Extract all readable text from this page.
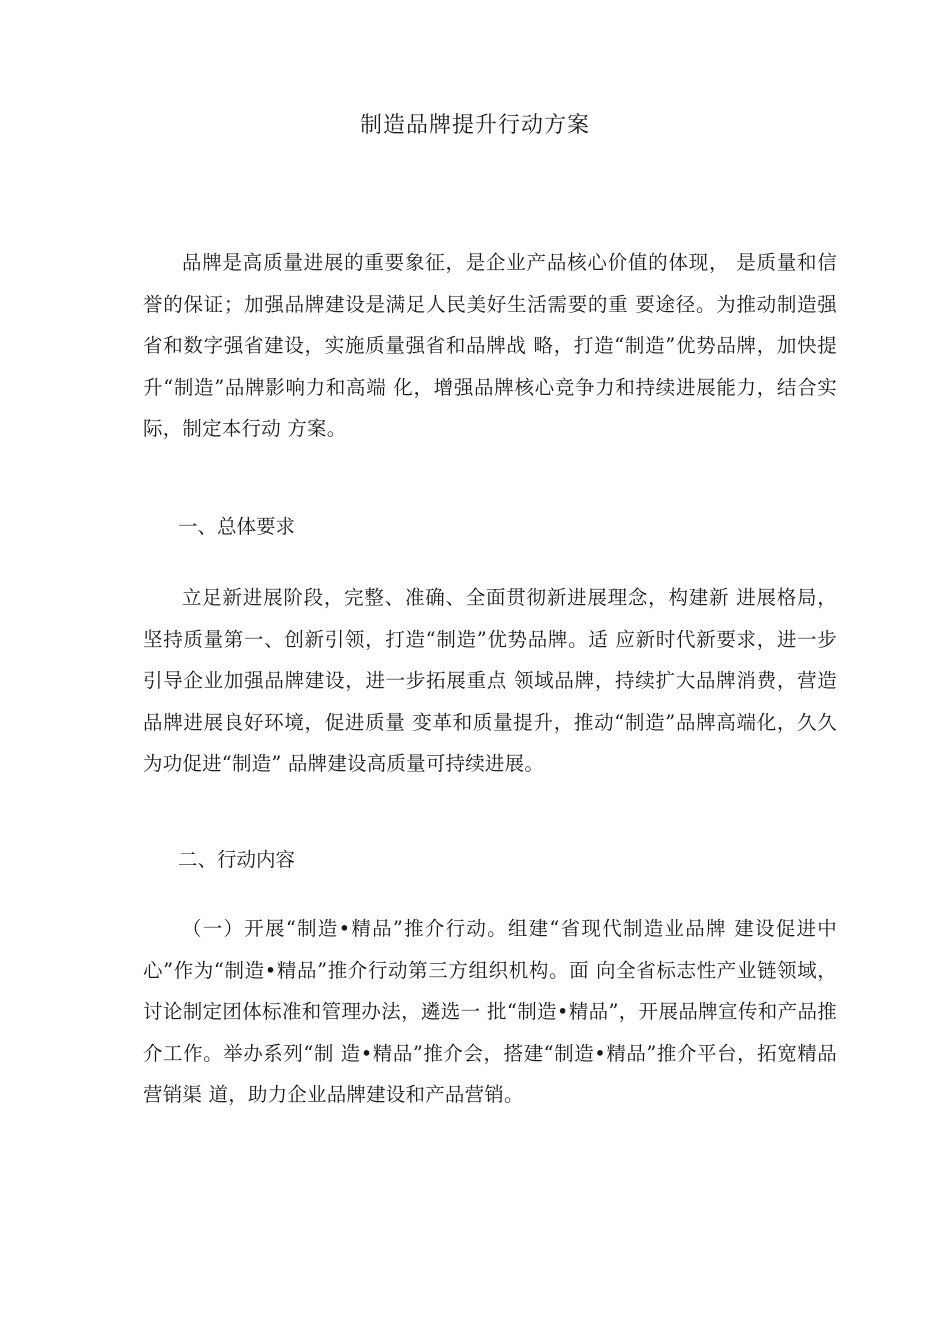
制造品牌提升行动方案

品牌是高质量进展的重要象征，是企业产品核心价值的体现， 是质量和信誉的保证；加强品牌建设是满足人民美好生活需要的重 要途径。为推动制造强省和数字强省建设，实施质量强省和品牌战 略，打造“制造”优势品牌，加快提升“制造”品牌影响力和高端 化，增强品牌核心竞争力和持续进展能力，结合实际，制定本行动 方案。

一、总体要求

立足新进展阶段，完整、准确、全面贯彻新进展理念，构建新 进展格局，坚持质量第一、创新引领，打造“制造”优势品牌。适 应新时代新要求，进一步引导企业加强品牌建设，进一步拓展重点 领域品牌，持续扩大品牌消费，营造品牌进展良好环境，促进质量 变革和质量提升，推动“制造”品牌高端化，久久为功促进“制造” 品牌建设高质量可持续进展。

二、行动内容

（一）开展“制造•精品”推介行动。组建“省现代制造业品牌 建设促进中心”作为“制造•精品”推介行动第三方组织机构。面 向全省标志性产业链领域，讨论制定团体标准和管理办法，遴选一 批“制造•精品”，开展品牌宣传和产品推介工作。举办系列“制 造•精品”推介会，搭建“制造•精品”推介平台，拓宽精品营销渠 道，助力企业品牌建设和产品营销。
